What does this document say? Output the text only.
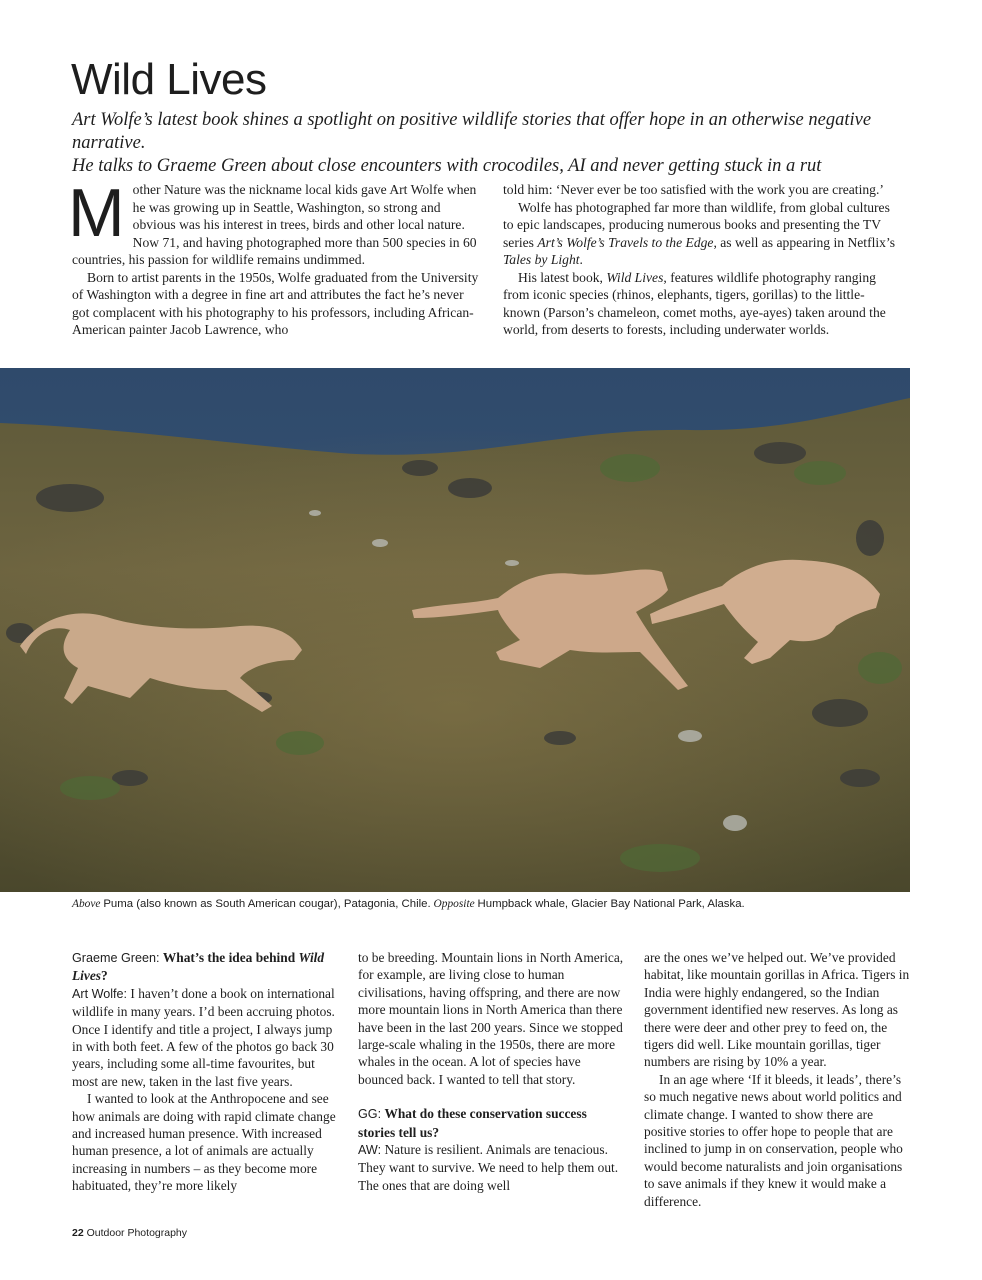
Wild Lives

Art Wolfe’s latest book shines a spotlight on positive wildlife stories that offer hope in an otherwise negative narrative.

He talks to Graeme Green about close encounters with crocodiles, AI and never getting stuck in a rut

Mother Nature was the nickname local kids gave Art Wolfe when he was growing up in Seattle, Washington, so strong and obvious was his interest in trees, birds and other local nature. Now 71, and having photographed more than 500 species in 60 countries, his passion for wildlife remains undimmed.

Born to artist parents in the 1950s, Wolfe graduated from the University of Washington with a degree in fine art and attributes the fact he’s never got complacent with his photography to his professors, including African-American painter Jacob Lawrence, who

told him: ‘Never ever be too satisfied with the work you are creating.’

Wolfe has photographed far more than wildlife, from global cultures to epic landscapes, producing numerous books and presenting the TV series Art’s Wolfe’s Travels to the Edge, as well as appearing in Netflix’s Tales by Light.

His latest book, Wild Lives, features wildlife photography ranging from iconic species (rhinos, elephants, tigers, gorillas) to the little-known (Parson’s chameleon, comet moths, aye-ayes) taken around the world, from deserts to forests, including underwater worlds.

Above Puma (also known as South American cougar), Patagonia, Chile. Opposite Humpback whale, Glacier Bay National Park, Alaska.

Graeme Green: What’s the idea behind Wild Lives?

Art Wolfe: I haven’t done a book on international wildlife in many years. I’d been accruing photos. Once I identify and title a project, I always jump in with both feet. A few of the photos go back 30 years, including some all-time favourites, but most are new, taken in the last five years.

I wanted to look at the Anthropocene and see how animals are doing with rapid climate change and increased human presence. With increased human presence, a lot of animals are actually increasing in numbers – as they become more habituated, they’re more likely

to be breeding. Mountain lions in North America, for example, are living close to human civilisations, having offspring, and there are now more mountain lions in North America than there have been in the last 200 years. Since we stopped large-scale whaling in the 1950s, there are more whales in the ocean. A lot of species have bounced back. I wanted to tell that story.

GG: What do these conservation success stories tell us?

AW: Nature is resilient. Animals are tenacious. They want to survive. We need to help them out. The ones that are doing well

are the ones we’ve helped out. We’ve provided habitat, like mountain gorillas in Africa. Tigers in India were highly endangered, so the Indian government identified new reserves. As long as there were deer and other prey to feed on, the tigers did well. Like mountain gorillas, tiger numbers are rising by 10% a year.

In an age where ‘If it bleeds, it leads’, there’s so much negative news about world politics and climate change. I wanted to show there are positive stories to offer hope to people that are inclined to jump in on conservation, people who would become naturalists and join organisations to save animals if they knew it would make a difference.

22 Outdoor Photography
